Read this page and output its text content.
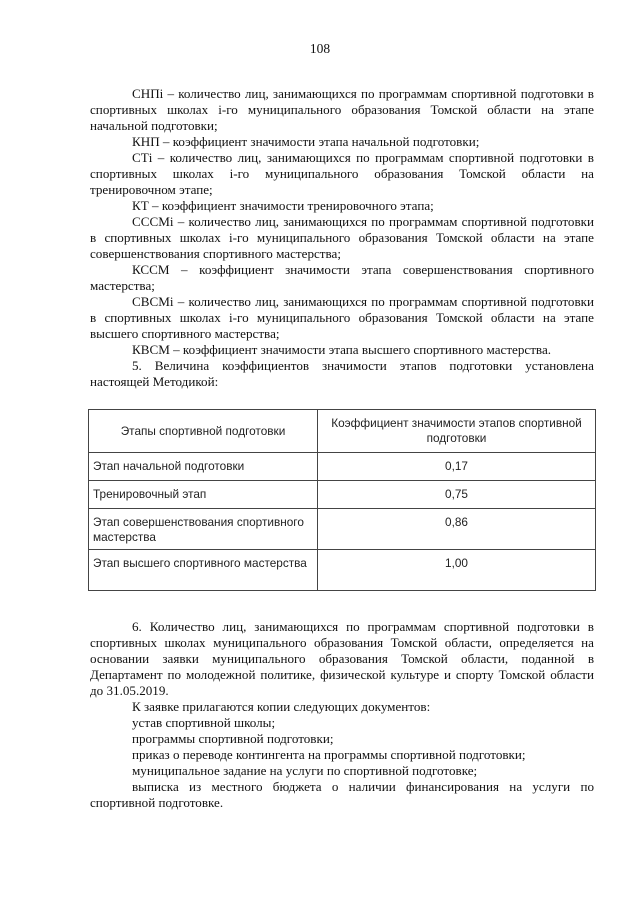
108

СНПi – количество лиц, занимающихся по программам спортивной подготовки в спортивных школах i-го муниципального образования Томской области на этапе начальной подготовки;

КНП – коэффициент значимости этапа начальной подготовки;

СТi – количество лиц, занимающихся по программам спортивной подготовки в спортивных школах i-го муниципального образования Томской области на тренировочном этапе;

КТ – коэффициент значимости тренировочного этапа;

СССМi – количество лиц, занимающихся по программам спортивной подготовки в спортивных школах i-го муниципального образования Томской области на этапе совершенствования спортивного мастерства;

КССМ – коэффициент значимости этапа совершенствования спортивного мастерства;

СВСМi – количество лиц, занимающихся по программам спортивной подготовки в спортивных школах i-го муниципального образования Томской области на этапе высшего спортивного мастерства;

КВСМ – коэффициент значимости этапа высшего спортивного мастерства.

5. Величина коэффициентов значимости этапов подготовки установлена настоящей Методикой:

Этапы спортивной подготовки	Коэффициент значимости этапов спортивной подготовки
Этап начальной подготовки	0,17
Тренировочный этап	0,75
Этап совершенствования спортивного мастерства	0,86
Этап высшего спортивного мастерства	1,00

6. Количество лиц, занимающихся по программам спортивной подготовки в спортивных школах муниципального образования Томской области, определяется на основании заявки муниципального образования Томской области, поданной в Департамент по молодежной политике, физической культуре и спорту Томской области до 31.05.2019.

К заявке прилагаются копии следующих документов:

устав спортивной школы;
программы спортивной подготовки;
приказ о переводе контингента на программы спортивной подготовки;
муниципальное задание на услуги по спортивной подготовке;
выписка из местного бюджета о наличии финансирования на услуги по спортивной подготовке.
